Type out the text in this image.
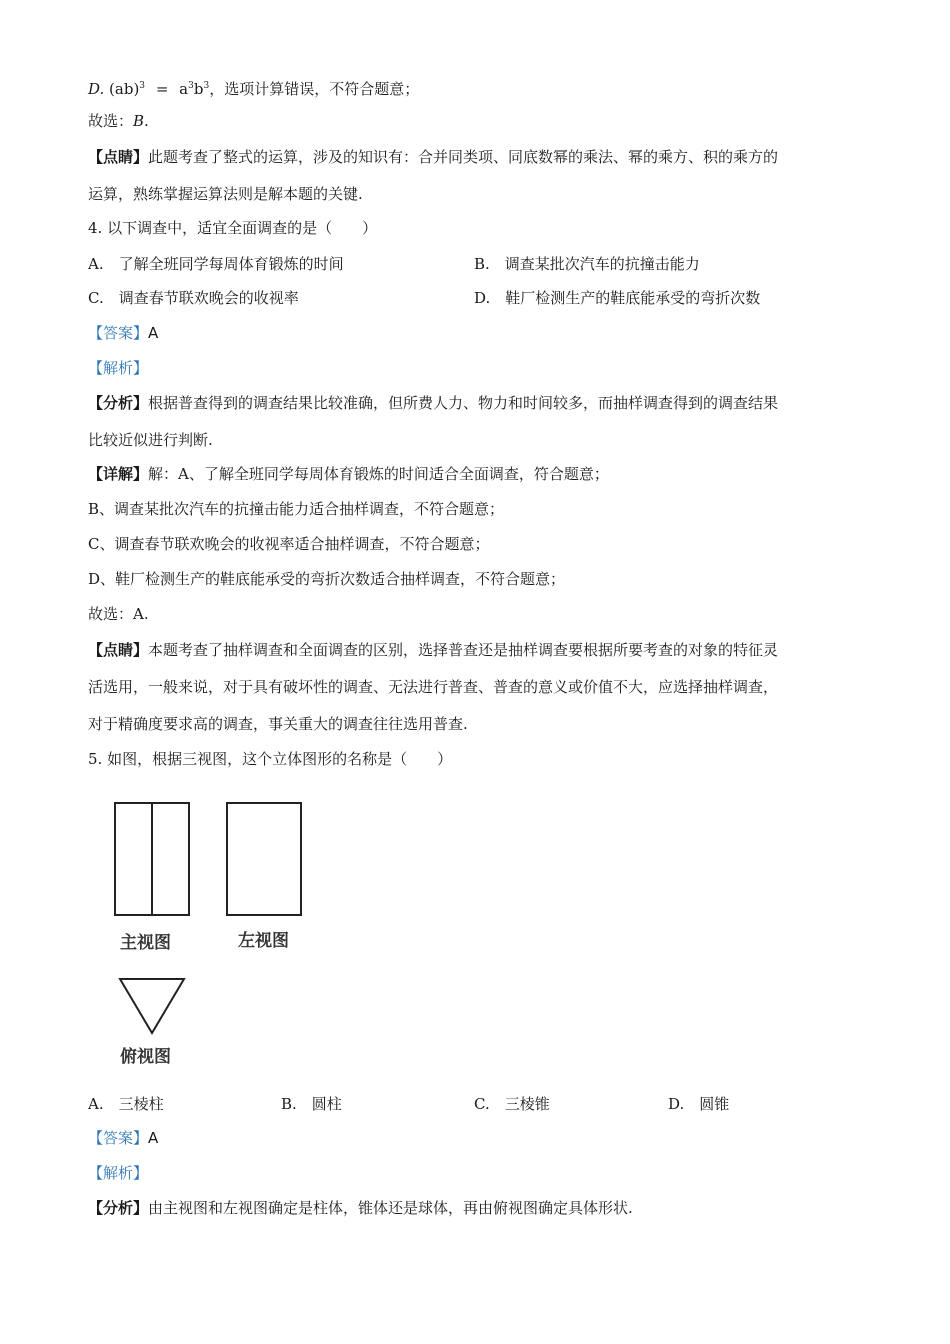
D. $(ab)^3 = a^3b^3$，选项计算错误，不符合题意；
故选：B.
【点睛】此题考查了整式的运算，涉及的知识有：合并同类项、同底数幂的乘法、幂的乘方、积的乘方的
运算，熟练掌握运算法则是解本题的关键.
4. 以下调查中，适宜全面调查的是（　　）
A.　了解全班同学每周体育锻炼的时间	B.　调查某批次汽车的抗撞击能力
C.　调查春节联欢晚会的收视率	D.　鞋厂检测生产的鞋底能承受的弯折次数
【答案】A
【解析】
【分析】根据普查得到的调查结果比较准确，但所费人力、物力和时间较多，而抽样调查得到的调查结果
比较近似进行判断.
【详解】解：A、了解全班同学每周体育锻炼的时间适合全面调查，符合题意；
B、调查某批次汽车的抗撞击能力适合抽样调查，不符合题意；
C、调查春节联欢晚会的收视率适合抽样调查，不符合题意；
D、鞋厂检测生产的鞋底能承受的弯折次数适合抽样调查，不符合题意；
故选：A.
【点睛】本题考查了抽样调查和全面调查的区别，选择普查还是抽样调查要根据所要考查的对象的特征灵
活选用，一般来说，对于具有破坏性的调查、无法进行普查、普查的意义或价值不大，应选择抽样调查，
对于精确度要求高的调查，事关重大的调查往往选用普查.
5. 如图，根据三视图，这个立体图形的名称是（　　）
主视图	左视图
俯视图
A.　三棱柱	B.　圆柱	C.　三棱锥	D.　圆锥
【答案】A
【解析】
【分析】由主视图和左视图确定是柱体，锥体还是球体，再由俯视图确定具体形状.
